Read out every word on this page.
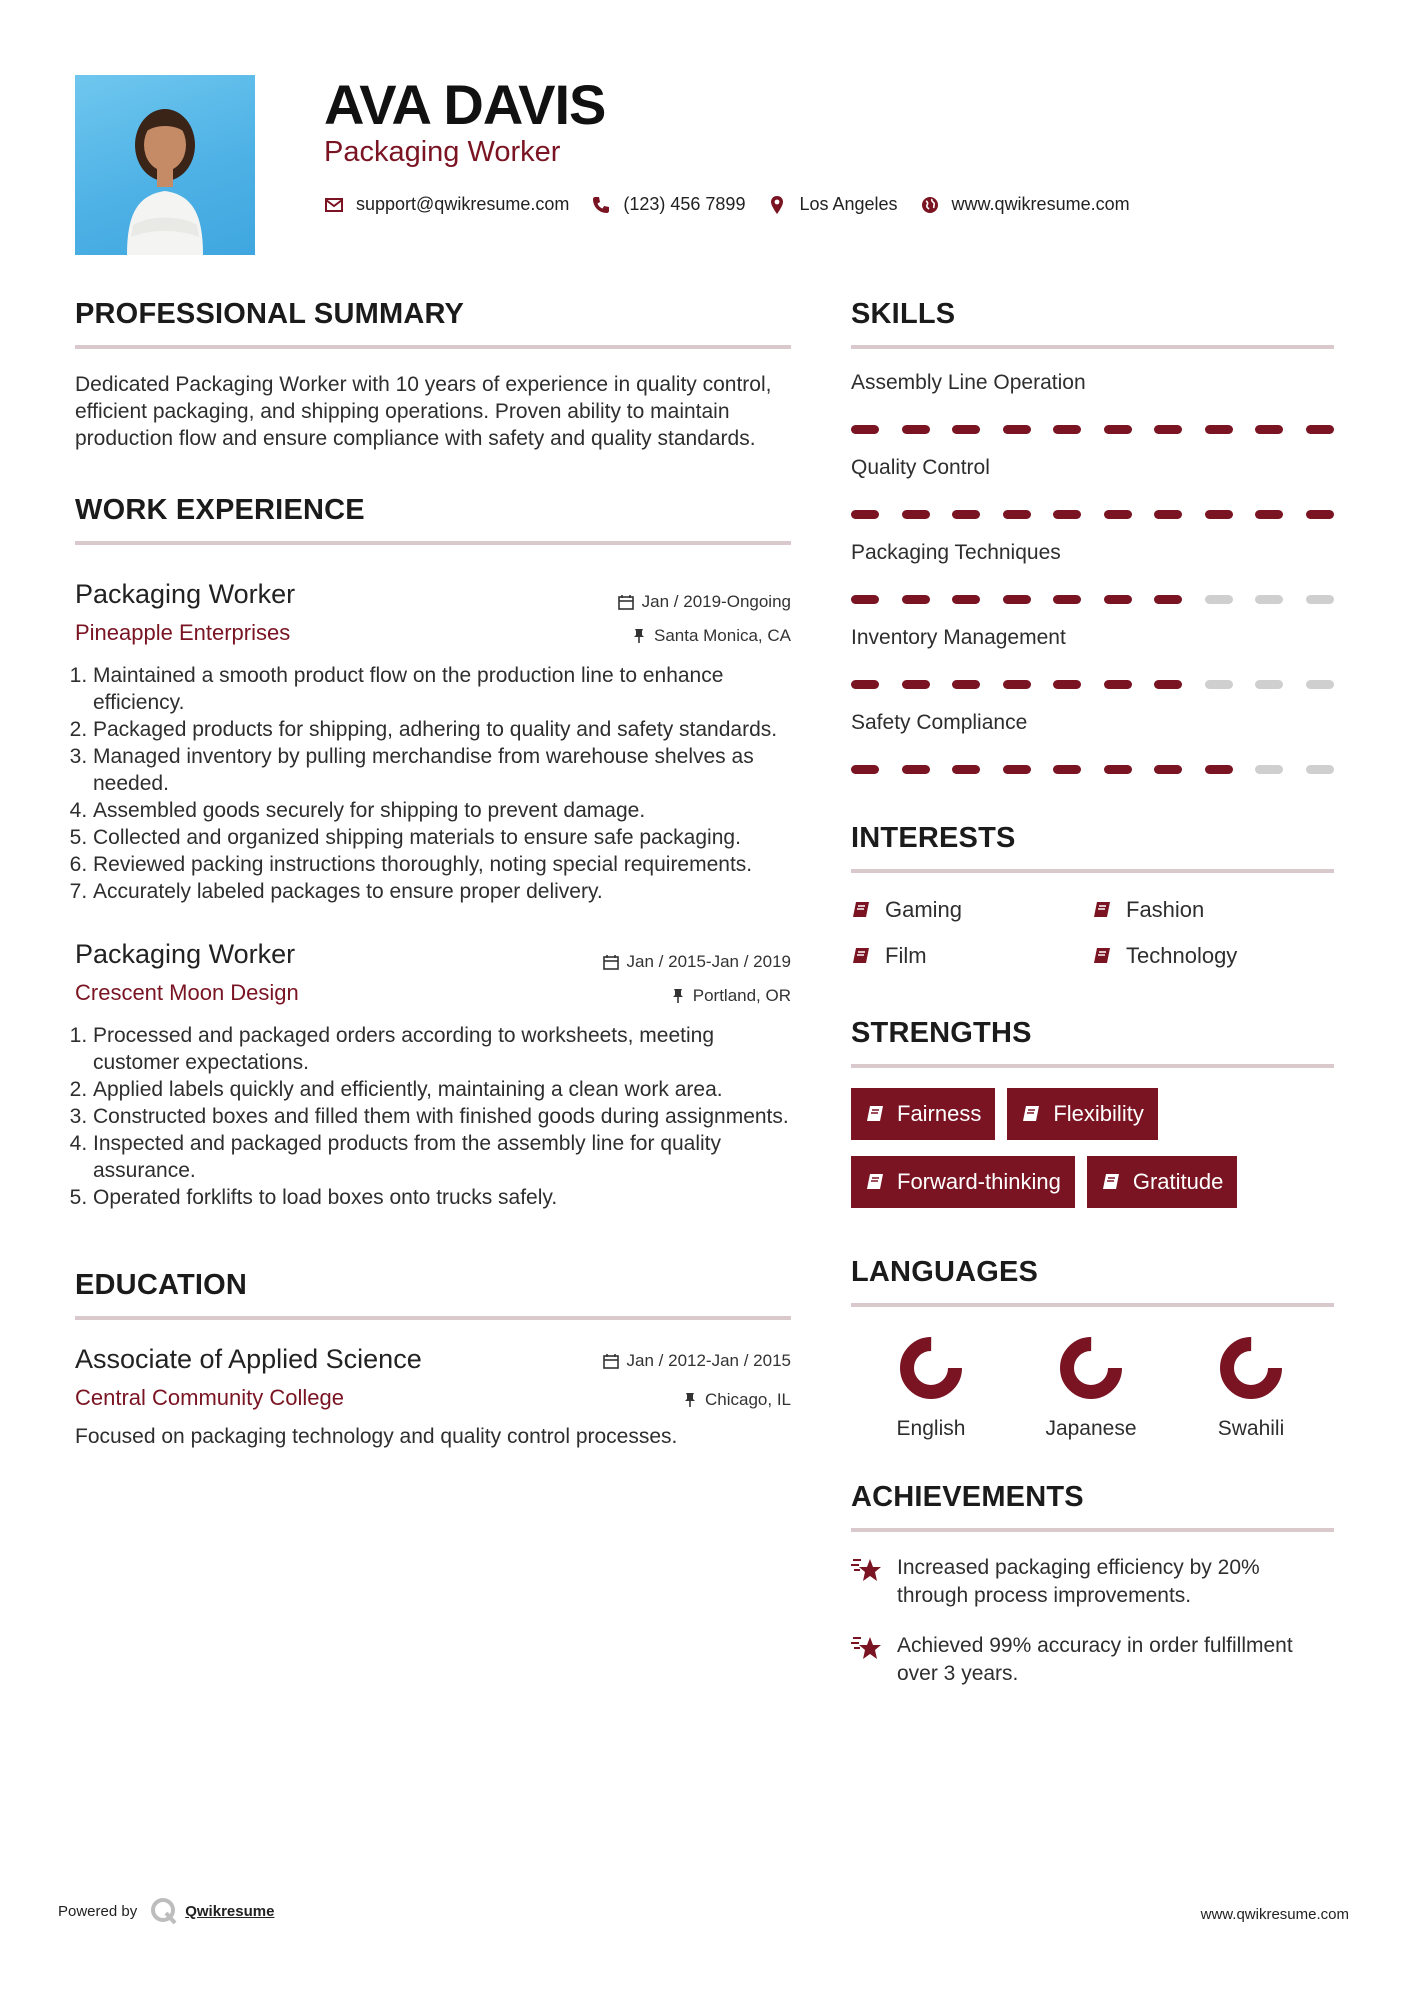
AVA DAVIS
Packaging Worker
support@qwikresume.com	(123) 456 7899	Los Angeles	www.qwikresume.com
PROFESSIONAL SUMMARY

Dedicated Packaging Worker with 10 years of experience in quality control, efficient packaging, and shipping operations. Proven ability to maintain production flow and ensure compliance with safety and quality standards.

WORK EXPERIENCE
Packaging Worker
Pineapple Enterprises
Jan / 2019-Ongoing
Santa Monica, CA
1. Maintained a smooth product flow on the production line to enhance efficiency.
2. Packaged products for shipping, adhering to quality and safety standards.
3. Managed inventory by pulling merchandise from warehouse shelves as needed.
4. Assembled goods securely for shipping to prevent damage.
5. Collected and organized shipping materials to ensure safe packaging.
6. Reviewed packing instructions thoroughly, noting special requirements.
7. Accurately labeled packages to ensure proper delivery.
Packaging Worker
Crescent Moon Design
Jan / 2015-Jan / 2019
Portland, OR
1. Processed and packaged orders according to worksheets, meeting customer expectations.
2. Applied labels quickly and efficiently, maintaining a clean work area.
3. Constructed boxes and filled them with finished goods during assignments.
4. Inspected and packaged products from the assembly line for quality assurance.
5. Operated forklifts to load boxes onto trucks safely.
EDUCATION
Associate of Applied Science
Central Community College
Jan / 2012-Jan / 2015
Chicago, IL

Focused on packaging technology and quality control processes.

SKILLS
Assembly Line Operation
Quality Control
Packaging Techniques
Inventory Management
Safety Compliance
INTERESTS
Gaming	Fashion
Film	Technology
STRENGTHS
Fairness	Flexibility
Forward-thinking	Gratitude
LANGUAGES
English	Japanese	Swahili
ACHIEVEMENTS
Increased packaging efficiency by 20% through process improvements.
Achieved 99% accuracy in order fulfillment over 3 years.
Powered by	Qwikresume	www.qwikresume.com
